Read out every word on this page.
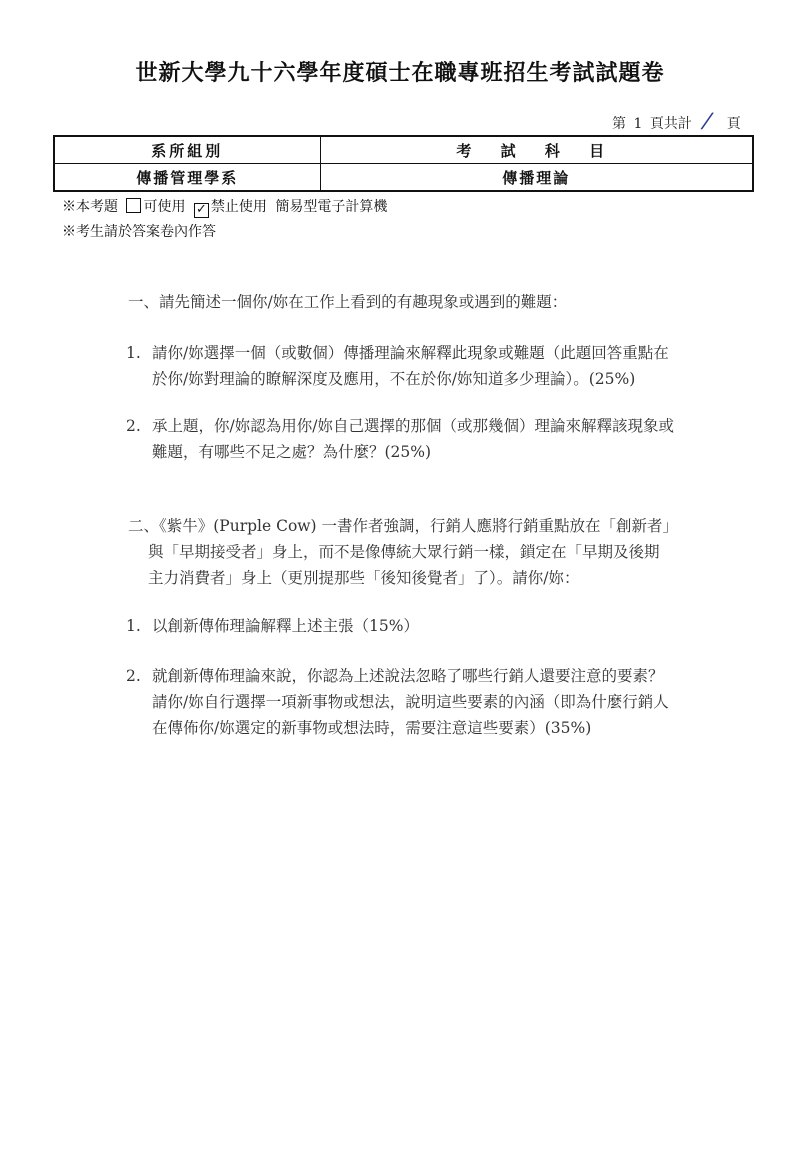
世新大學九十六學年度碩士在職專班招生考試試題卷
第 1 頁共計 / 頁
系所組別	考 試 科 目
傳播管理學系	傳播理論
※本考題 可使用 ✓ 禁止使用 簡易型電子計算機
※考生請於答案卷內作答
一、請先簡述一個你/妳在工作上看到的有趣現象或遇到的難題：
1. 請你/妳選擇一個（或數個）傳播理論來解釋此現象或難題（此題回答重點在
於你/妳對理論的瞭解深度及應用，不在於你/妳知道多少理論）。(25%)
2. 承上題，你/妳認為用你/妳自己選擇的那個（或那幾個）理論來解釋該現象或
難題，有哪些不足之處？為什麼？(25%)
二、《紫牛》(Purple Cow) 一書作者強調，行銷人應將行銷重點放在「創新者」
與「早期接受者」身上，而不是像傳統大眾行銷一樣，鎖定在「早期及後期
主力消費者」身上（更別提那些「後知後覺者」了）。請你/妳：
1. 以創新傳佈理論解釋上述主張（15%）
2. 就創新傳佈理論來說，你認為上述說法忽略了哪些行銷人還要注意的要素？
請你/妳自行選擇一項新事物或想法，說明這些要素的內涵（即為什麼行銷人
在傳佈你/妳選定的新事物或想法時，需要注意這些要素）(35%)
